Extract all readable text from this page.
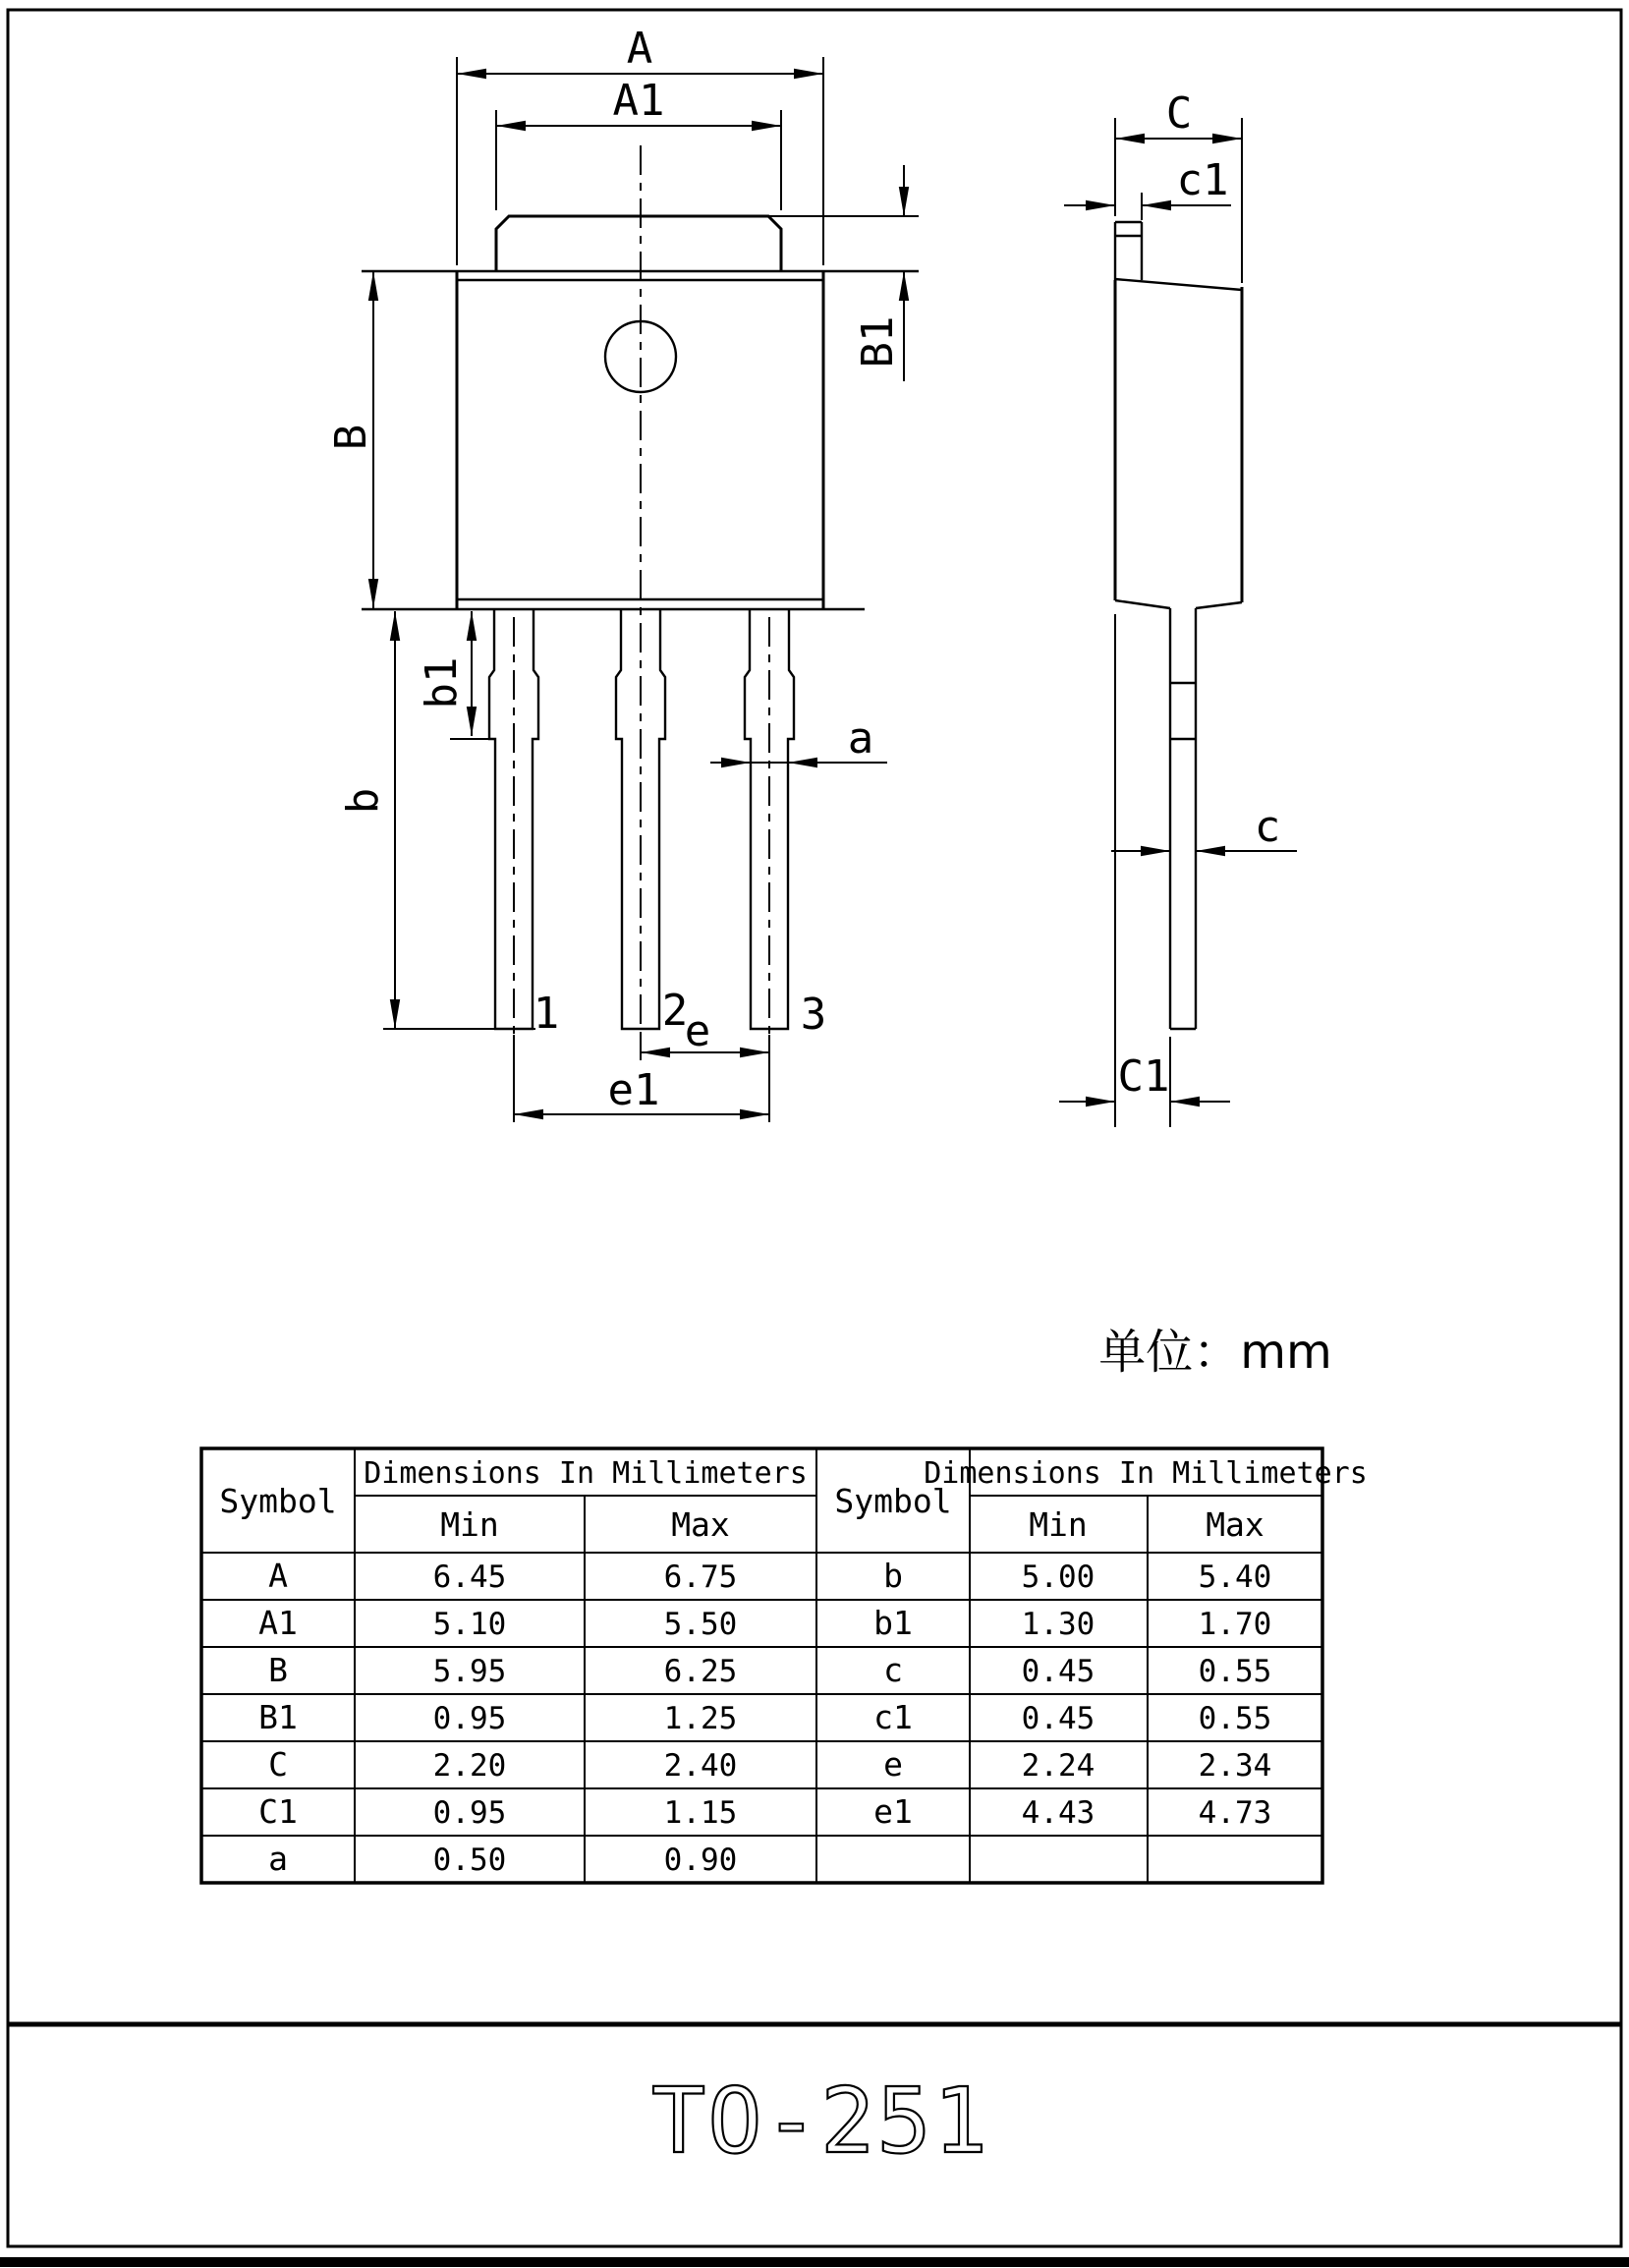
A
A1
B1
B
b
b1
a
1 2	3
e
e1
C
c1
c
C1
单位：mm
Symbol
Dimensions In Millimeters
Min	Max
Symbol
Dimensions In Millimeters
Min	Max
A	6.45	6.75
A1	5.10	5.50
B	5.95	6.25
B1	0.95	1.25
C	2.20	2.40
C1	0.95	1.15
a	0.50	0.90
b	5.00	5.40
b1	1.30	1.70
c	0.45	0.55
c1	0.45	0.55
e	2.24	2.34
e1	4.43	4.73
TO-251
